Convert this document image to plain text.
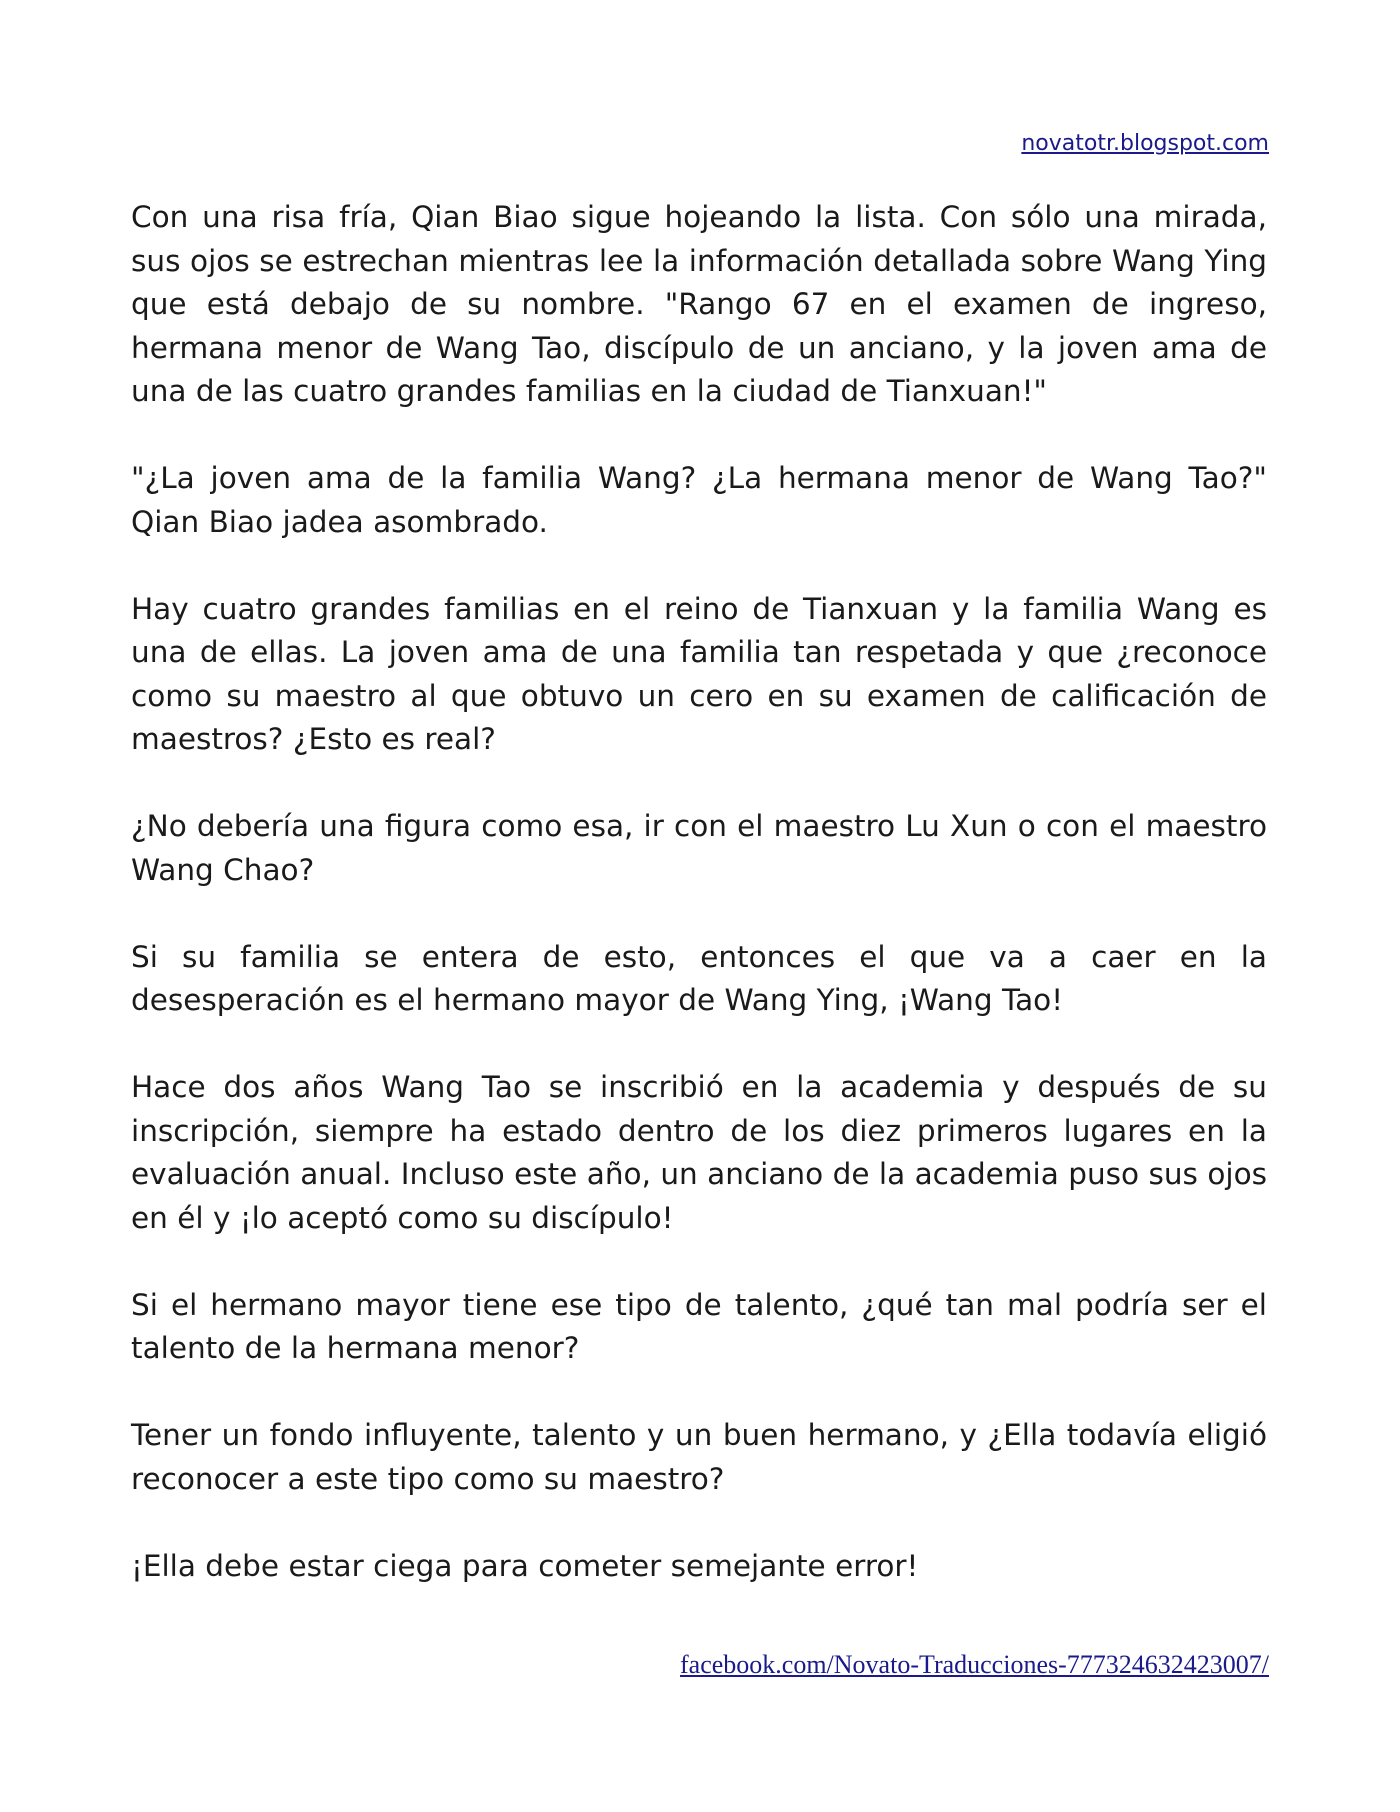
novatotr.blogspot.com

Con una risa fría, Qian Biao sigue hojeando la lista. Con sólo una mirada, sus ojos se estrechan mientras lee la información detallada sobre Wang Ying que está debajo de su nombre. "Rango 67 en el examen de ingreso, hermana menor de Wang Tao, discípulo de un anciano, y la joven ama de una de las cuatro grandes familias en la ciudad de Tianxuan!"

"¿La joven ama de la familia Wang? ¿La hermana menor de Wang Tao?" Qian Biao jadea asombrado.

Hay cuatro grandes familias en el reino de Tianxuan y la familia Wang es una de ellas. La joven ama de una familia tan respetada y que ¿reconoce como su maestro al que obtuvo un cero en su examen de calificación de maestros? ¿Esto es real?

¿No debería una figura como esa, ir con el maestro Lu Xun o con el maestro Wang Chao?

Si su familia se entera de esto, entonces el que va a caer en la desesperación es el hermano mayor de Wang Ying, ¡Wang Tao!

Hace dos años Wang Tao se inscribió en la academia y después de su inscripción, siempre ha estado dentro de los diez primeros lugares en la evaluación anual. Incluso este año, un anciano de la academia puso sus ojos en él y ¡lo aceptó como su discípulo!

Si el hermano mayor tiene ese tipo de talento, ¿qué tan mal podría ser el talento de la hermana menor?

Tener un fondo influyente, talento y un buen hermano, y ¿Ella todavía eligió reconocer a este tipo como su maestro?

¡Ella debe estar ciega para cometer semejante error!

facebook.com/Novato-Traducciones-777324632423007/
